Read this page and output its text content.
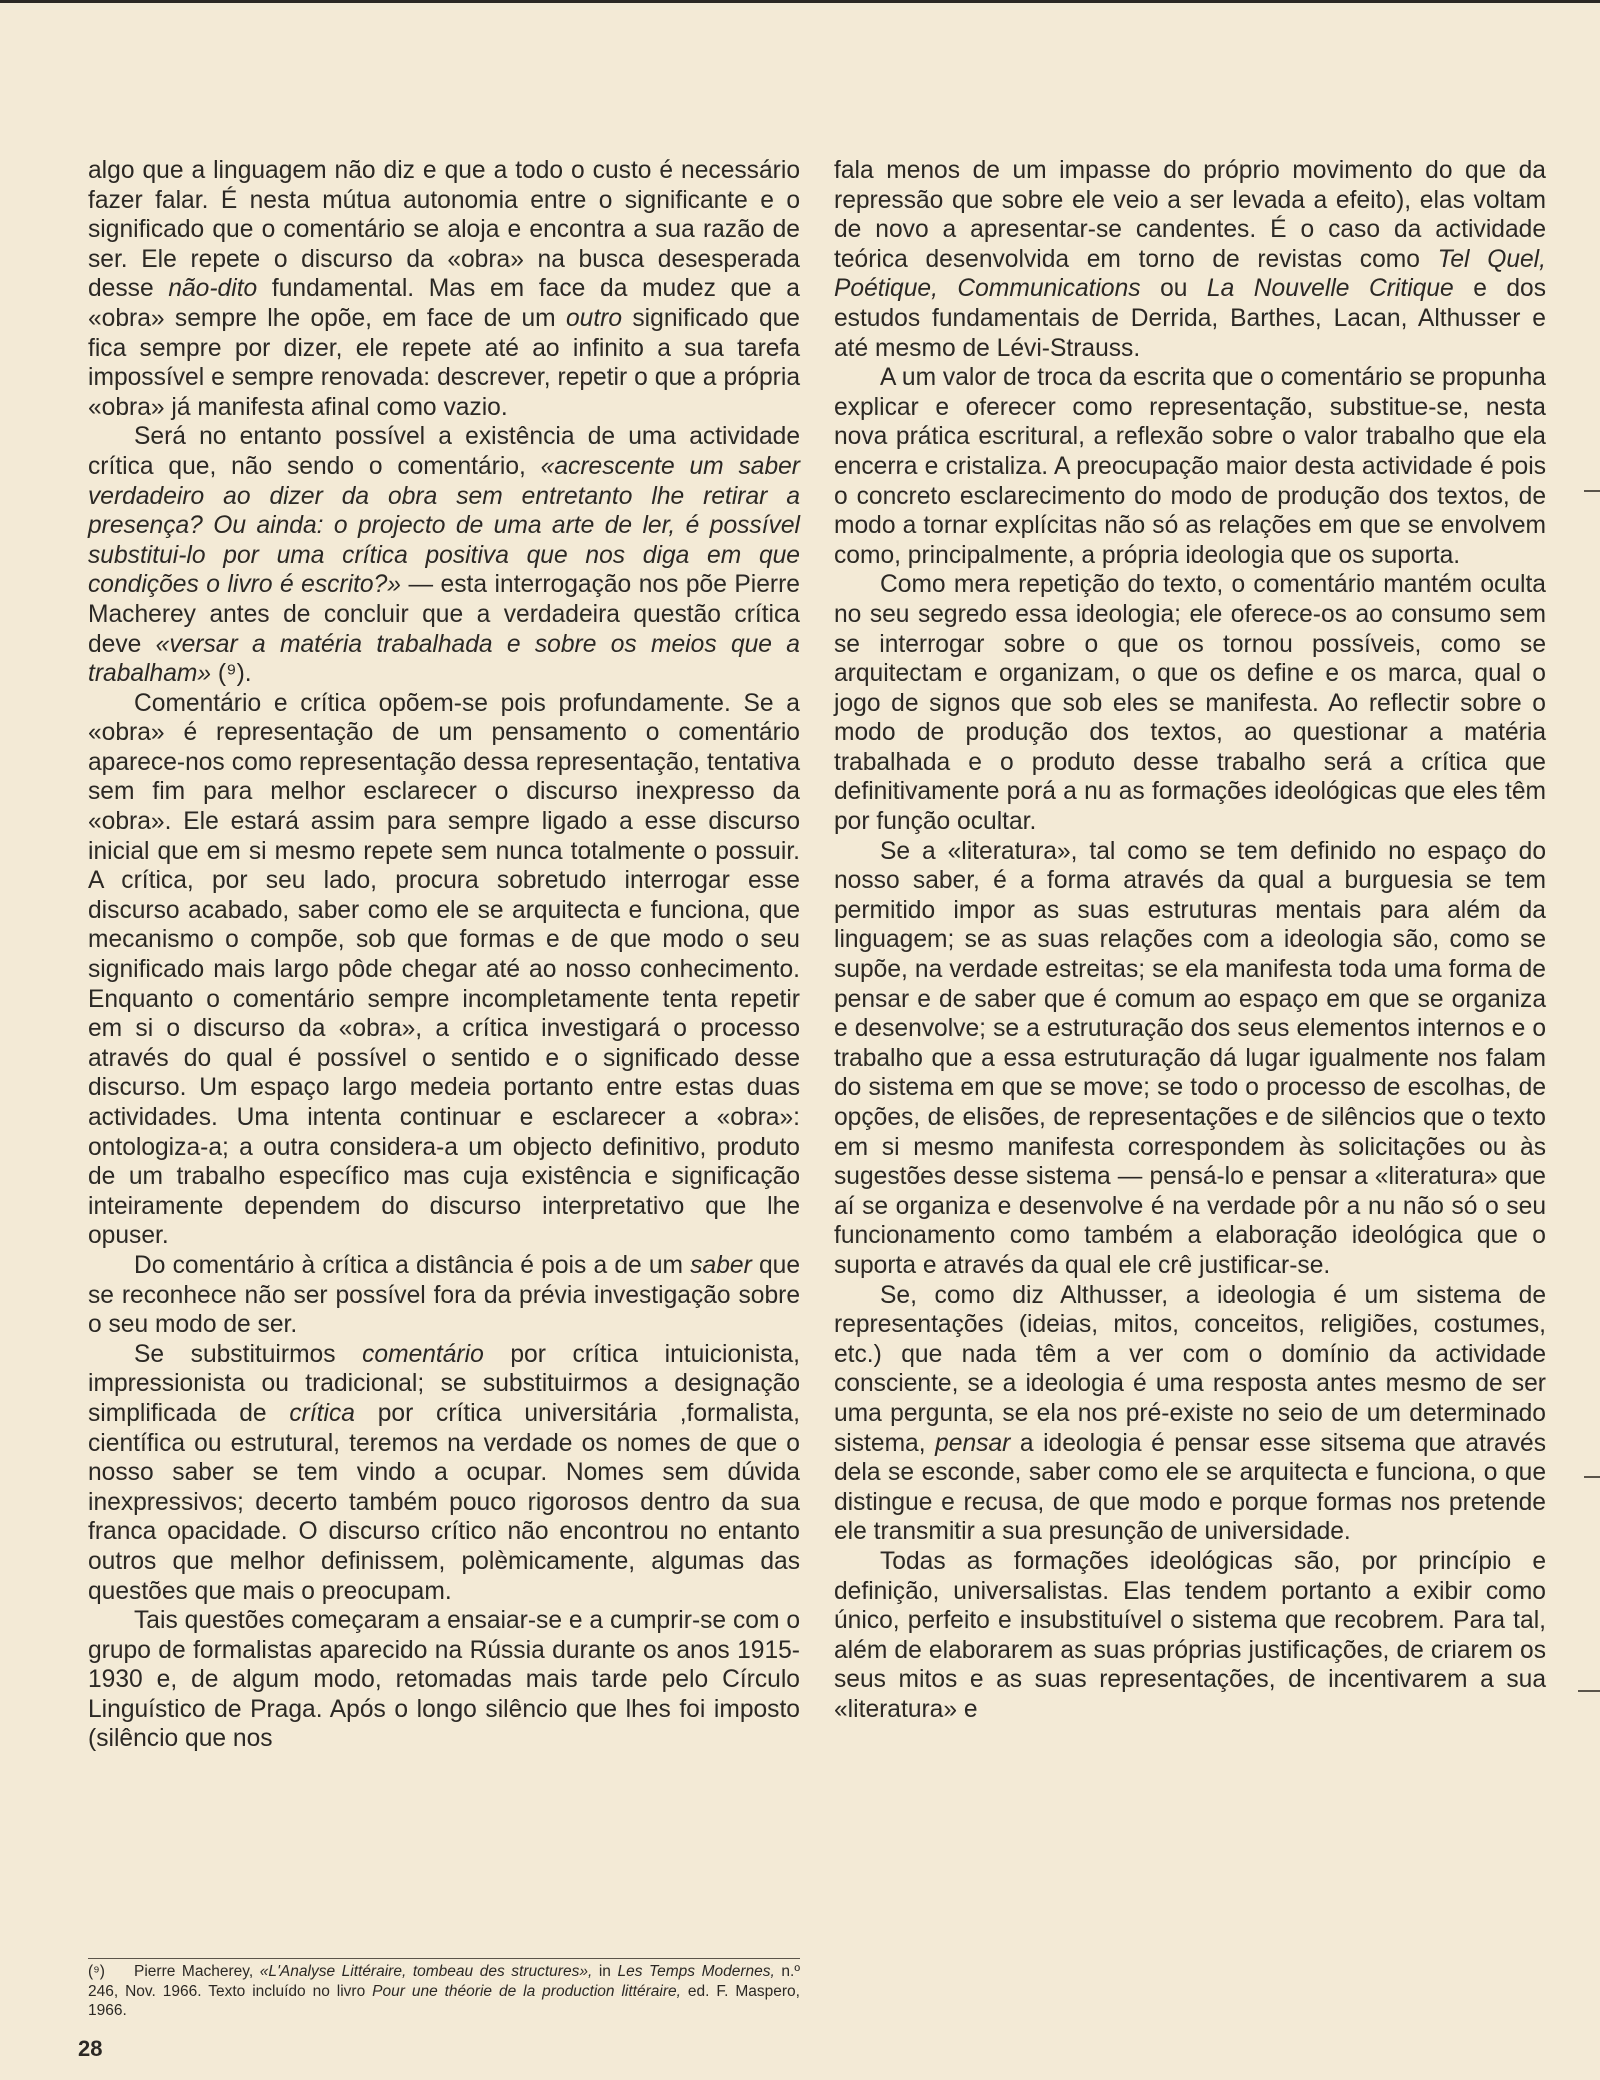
algo que a linguagem não diz e que a todo o custo é necessário fazer falar. É nesta mútua autonomia entre o significante e o significado que o comentário se aloja e encontra a sua razão de ser. Ele repete o discurso da «obra» na busca desesperada desse não-dito fundamental. Mas em face da mudez que a «obra» sempre lhe opõe, em face de um outro significado que fica sempre por dizer, ele repete até ao infinito a sua tarefa impossível e sempre renovada: descrever, repetir o que a própria «obra» já manifesta afinal como vazio.

Será no entanto possível a existência de uma actividade crítica que, não sendo o comentário, «acrescente um saber verdadeiro ao dizer da obra sem entretanto lhe retirar a presença? Ou ainda: o projecto de uma arte de ler, é possível substitui-lo por uma crítica positiva que nos diga em que condições o livro é escrito?» — esta interrogação nos põe Pierre Macherey antes de concluir que a verdadeira questão crítica deve «versar a matéria trabalhada e sobre os meios que a trabalham» (⁹).

Comentário e crítica opõem-se pois profundamente. Se a «obra» é representação de um pensamento o comentário aparece-nos como representação dessa representação, tentativa sem fim para melhor esclarecer o discurso inexpresso da «obra». Ele estará assim para sempre ligado a esse discurso inicial que em si mesmo repete sem nunca totalmente o possuir. A crítica, por seu lado, procura sobretudo interrogar esse discurso acabado, saber como ele se arquitecta e funciona, que mecanismo o compõe, sob que formas e de que modo o seu significado mais largo pôde chegar até ao nosso conhecimento. Enquanto o comentário sempre incompletamente tenta repetir em si o discurso da «obra», a crítica investigará o processo através do qual é possível o sentido e o significado desse discurso. Um espaço largo medeia portanto entre estas duas actividades. Uma intenta continuar e esclarecer a «obra»: ontologiza-a; a outra considera-a um objecto definitivo, produto de um trabalho específico mas cuja existência e significação inteiramente dependem do discurso interpretativo que lhe opuser.

Do comentário à crítica a distância é pois a de um saber que se reconhece não ser possível fora da prévia investigação sobre o seu modo de ser.

Se substituirmos comentário por crítica intuicionista, impressionista ou tradicional; se substituirmos a designação simplificada de crítica por crítica universitária ,formalista, científica ou estrutural, teremos na verdade os nomes de que o nosso saber se tem vindo a ocupar. Nomes sem dúvida inexpressivos; decerto também pouco rigorosos dentro da sua franca opacidade. O discurso crítico não encontrou no entanto outros que melhor definissem, polèmicamente, algumas das questões que mais o preocupam.

Tais questões começaram a ensaiar-se e a cumprir-se com o grupo de formalistas aparecido na Rússia durante os anos 1915-1930 e, de algum modo, retomadas mais tarde pelo Círculo Linguístico de Praga. Após o longo silêncio que lhes foi imposto (silêncio que nos

fala menos de um impasse do próprio movimento do que da repressão que sobre ele veio a ser levada a efeito), elas voltam de novo a apresentar-se candentes. É o caso da actividade teórica desenvolvida em torno de revistas como Tel Quel, Poétique, Communications ou La Nouvelle Critique e dos estudos fundamentais de Derrida, Barthes, Lacan, Althusser e até mesmo de Lévi-Strauss.

A um valor de troca da escrita que o comentário se propunha explicar e oferecer como representação, substitue-se, nesta nova prática escritural, a reflexão sobre o valor trabalho que ela encerra e cristaliza. A preocupação maior desta actividade é pois o concreto esclarecimento do modo de produção dos textos, de modo a tornar explícitas não só as relações em que se envolvem como, principalmente, a própria ideologia que os suporta.

Como mera repetição do texto, o comentário mantém oculta no seu segredo essa ideologia; ele oferece-os ao consumo sem se interrogar sobre o que os tornou possíveis, como se arquitectam e organizam, o que os define e os marca, qual o jogo de signos que sob eles se manifesta. Ao reflectir sobre o modo de produção dos textos, ao questionar a matéria trabalhada e o produto desse trabalho será a crítica que definitivamente porá a nu as formações ideológicas que eles têm por função ocultar.

Se a «literatura», tal como se tem definido no espaço do nosso saber, é a forma através da qual a burguesia se tem permitido impor as suas estruturas mentais para além da linguagem; se as suas relações com a ideologia são, como se supõe, na verdade estreitas; se ela manifesta toda uma forma de pensar e de saber que é comum ao espaço em que se organiza e desenvolve; se a estruturação dos seus elementos internos e o trabalho que a essa estruturação dá lugar igualmente nos falam do sistema em que se move; se todo o processo de escolhas, de opções, de elisões, de representações e de silêncios que o texto em si mesmo manifesta correspondem às solicitações ou às sugestões desse sistema — pensá-lo e pensar a «literatura» que aí se organiza e desenvolve é na verdade pôr a nu não só o seu funcionamento como também a elaboração ideológica que o suporta e através da qual ele crê justificar-se.

Se, como diz Althusser, a ideologia é um sistema de representações (ideias, mitos, conceitos, religiões, costumes, etc.) que nada têm a ver com o domínio da actividade consciente, se a ideologia é uma resposta antes mesmo de ser uma pergunta, se ela nos pré-existe no seio de um determinado sistema, pensar a ideologia é pensar esse sitsema que através dela se esconde, saber como ele se arquitecta e funciona, o que distingue e recusa, de que modo e porque formas nos pretende ele transmitir a sua presunção de universidade.

Todas as formações ideológicas são, por princípio e definição, universalistas. Elas tendem portanto a exibir como único, perfeito e insubstituível o sistema que recobrem. Para tal, além de elaborarem as suas próprias justificações, de criarem os seus mitos e as suas representações, de incentivarem a sua «literatura» e

(⁹) Pierre Macherey, «L'Analyse Littéraire, tombeau des structures», in Les Temps Modernes, n.º 246, Nov. 1966. Texto incluído no livro Pour une théorie de la production littéraire, ed. F. Maspero, 1966.
28
